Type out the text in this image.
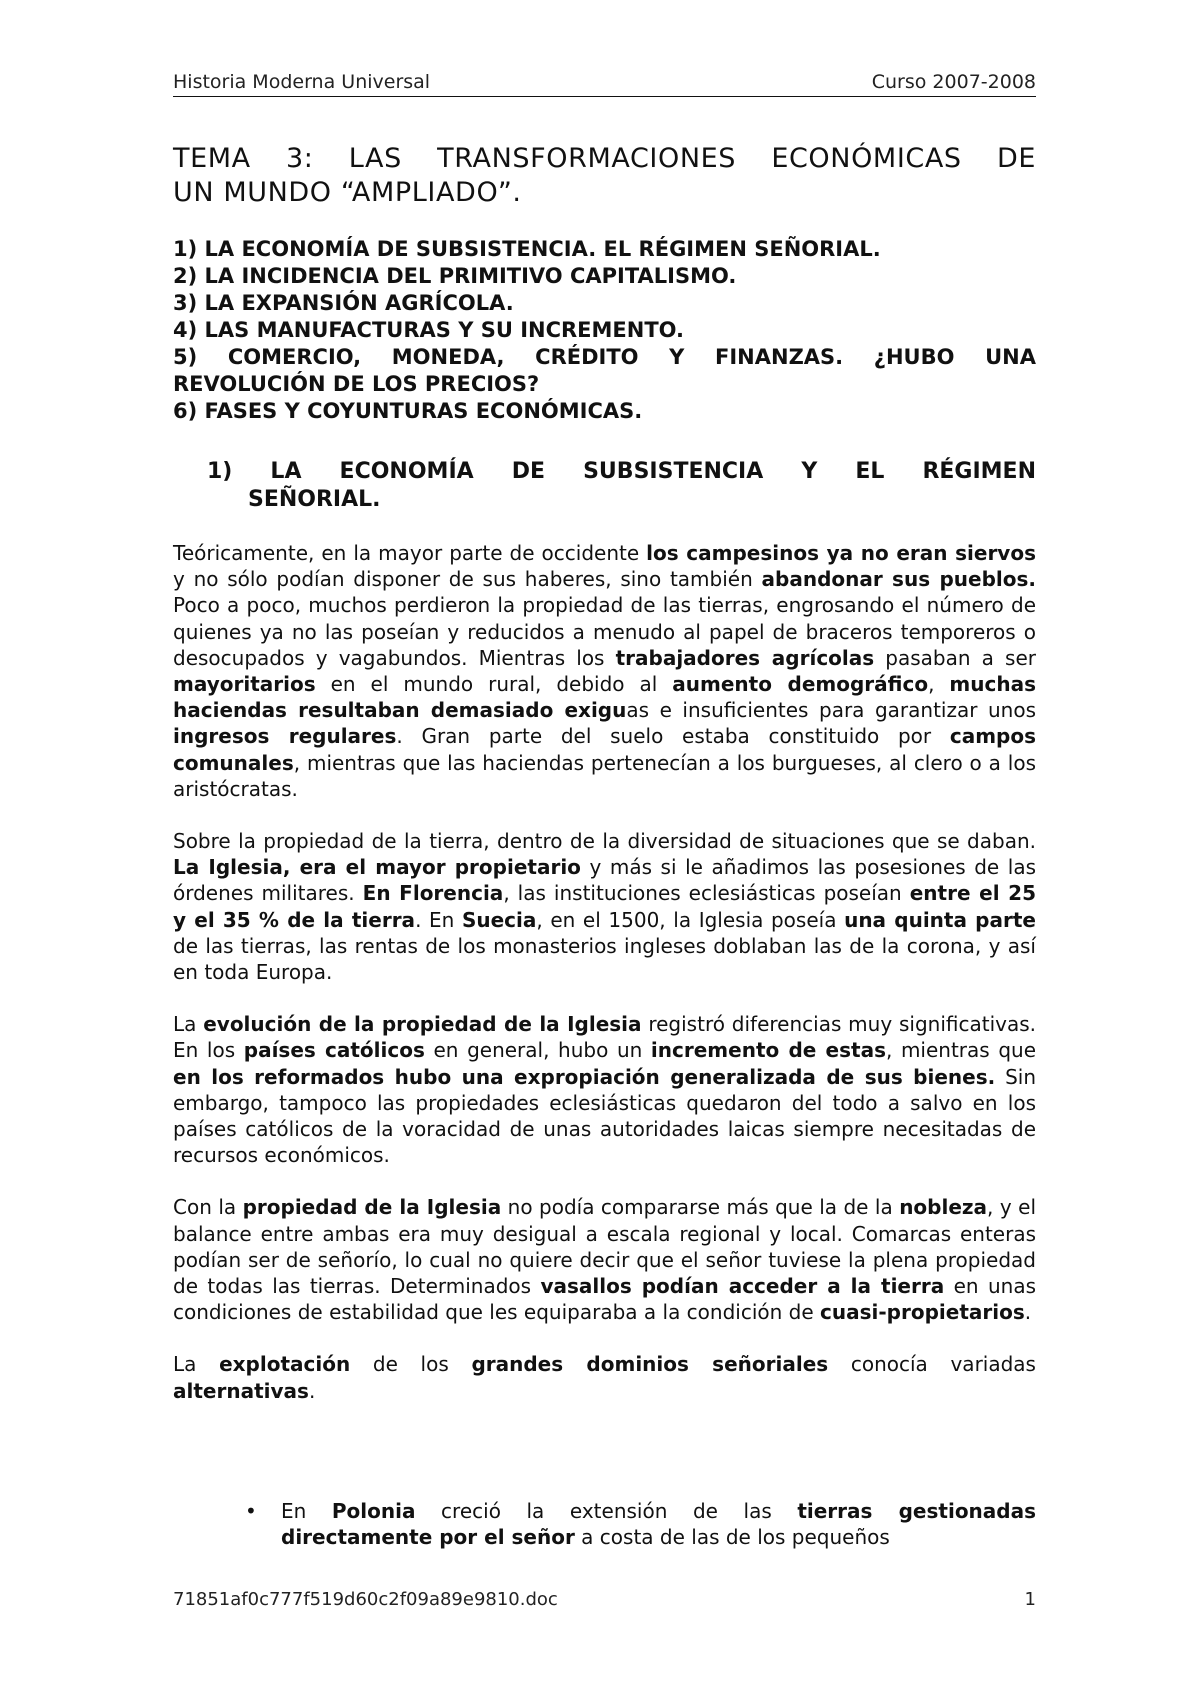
Historia Moderna Universal	Curso 2007-2008
TEMA 3: LAS TRANSFORMACIONES ECONÓMICAS DE
UN MUNDO “AMPLIADO”.
1) LA ECONOMÍA DE SUBSISTENCIA. EL RÉGIMEN SEÑORIAL.
2) LA INCIDENCIA DEL PRIMITIVO CAPITALISMO.
3) LA EXPANSIÓN AGRÍCOLA.
4) LAS MANUFACTURAS Y SU INCREMENTO.
5) COMERCIO, MONEDA, CRÉDITO Y FINANZAS. ¿HUBO UNA
REVOLUCIÓN DE LOS PRECIOS?
6) FASES Y COYUNTURAS ECONÓMICAS.
1) LA ECONOMÍA DE SUBSISTENCIA Y EL RÉGIMEN
SEÑORIAL.

Teóricamente, en la mayor parte de occidente los campesinos ya no eran siervos y no sólo podían disponer de sus haberes, sino también abandonar sus pueblos. Poco a poco, muchos perdieron la propiedad de las tierras, engrosando el número de quienes ya no las poseían y reducidos a menudo al papel de braceros temporeros o desocupados y vagabundos. Mientras los trabajadores agrícolas pasaban a ser mayoritarios en el mundo rural, debido al aumento demográfico, muchas haciendas resultaban demasiado exiguas e insuficientes para garantizar unos ingresos regulares. Gran parte del suelo estaba constituido por campos comunales, mientras que las haciendas pertenecían a los burgueses, al clero o a los aristócratas.

Sobre la propiedad de la tierra, dentro de la diversidad de situaciones que se daban. La Iglesia, era el mayor propietario y más si le añadimos las posesiones de las órdenes militares. En Florencia, las instituciones eclesiásticas poseían entre el 25 y el 35 % de la tierra. En Suecia, en el 1500, la Iglesia poseía una quinta parte de las tierras, las rentas de los monasterios ingleses doblaban las de la corona, y así en toda Europa.

La evolución de la propiedad de la Iglesia registró diferencias muy significativas. En los países católicos en general, hubo un incremento de estas, mientras que en los reformados hubo una expropiación generalizada de sus bienes. Sin embargo, tampoco las propiedades eclesiásticas quedaron del todo a salvo en los países católicos de la voracidad de unas autoridades laicas siempre necesitadas de recursos económicos.

Con la propiedad de la Iglesia no podía compararse más que la de la nobleza, y el balance entre ambas era muy desigual a escala regional y local. Comarcas enteras podían ser de señorío, lo cual no quiere decir que el señor tuviese la plena propiedad de todas las tierras. Determinados vasallos podían acceder a la tierra en unas condiciones de estabilidad que les equiparaba a la condición de cuasi-propietarios.

La explotación de los grandes dominios señoriales conocía variadas alternativas.

• En Polonia creció la extensión de las tierras gestionadas directamente por el señor a costa de las de los pequeños
71851af0c777f519d60c2f09a89e9810.doc	1
